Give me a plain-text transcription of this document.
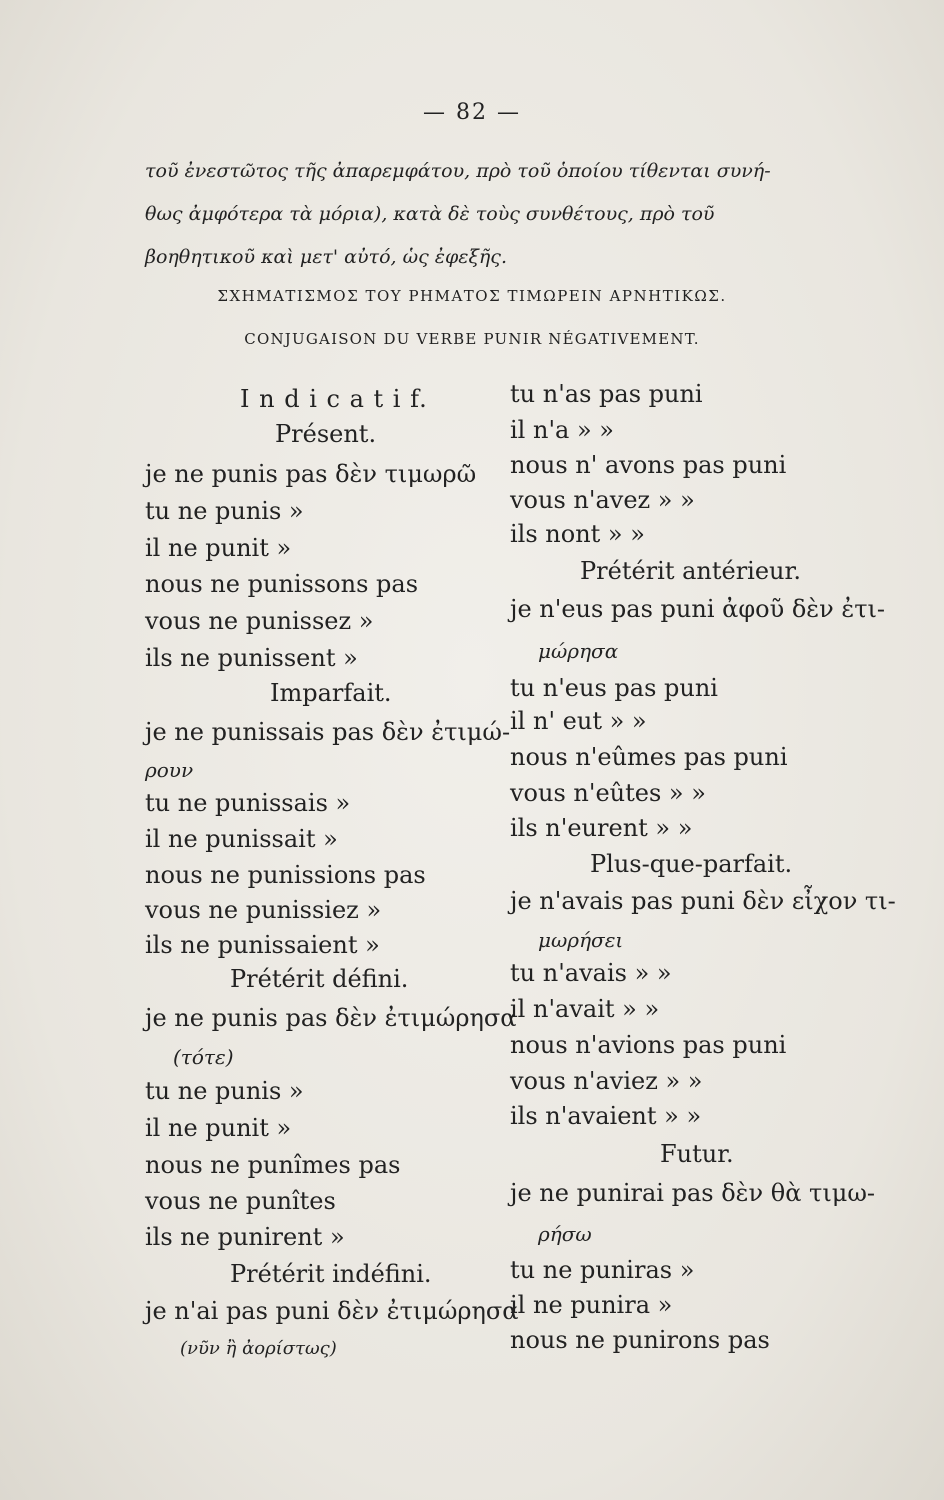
— 82 —
τοῦ ἐνεστῶτος τῆς ἀπαρεμφάτου, πρὸ τοῦ ὁποίου τίθενται συνή-
θως ἀμφότερα τὰ μόρια), κατὰ δὲ τοὺς συνθέτους, πρὸ τοῦ
βοηθητικοῦ καὶ μετ' αὐτό, ὡς ἐφεξῆς.
ΣΧΗΜΑΤΙΣΜΟΣ ΤΟΥ ΡΗΜΑΤΟΣ ΤΙΜΩΡΕΙΝ ΑΡΝΗΤΙΚΩΣ.
CONJUGAISON DU VERBE PUNIR NÉGATIVEMENT.
I n d i c a t i f.
Présent.
je ne punis pas δὲν τιμωρῶ
tu ne punis »
il ne punit »
nous ne punissons pas
vous ne punissez »
ils ne punissent »
Imparfait.
je ne punissais pas δὲν ἐτιμώ-
ρουν
tu ne punissais »
il ne punissait »
nous ne punissions pas
vous ne punissiez »
ils ne punissaient »
Prétérit défini.
je ne punis pas δὲν ἐτιμώρησα
(τότε)
tu ne punis »
il ne punit »
nous ne punîmes pas
vous ne punîtes
ils ne punirent »
Prétérit indéfini.
je n'ai pas puni δὲν ἐτιμώρησα
(νῦν ἢ ἀορίστως)
tu n'as pas puni
il n'a » »
nous n' avons pas puni
vous n'avez » »
ils nont » »
Prétérit antérieur.
je n'eus pas puni ἀφοῦ δὲν ἐτι-
μώρησα
tu n'eus pas puni
il n' eut » »
nous n'eûmes pas puni
vous n'eûtes » »
ils n'eurent » »
Plus-que-parfait.
je n'avais pas puni δὲν εἶχον τι-
μωρήσει
tu n'avais » »
il n'avait » »
nous n'avions pas puni
vous n'aviez » »
ils n'avaient » »
Futur.
je ne punirai pas δὲν θὰ τιμω-
ρήσω
tu ne puniras »
il ne punira »
nous ne punirons pas
